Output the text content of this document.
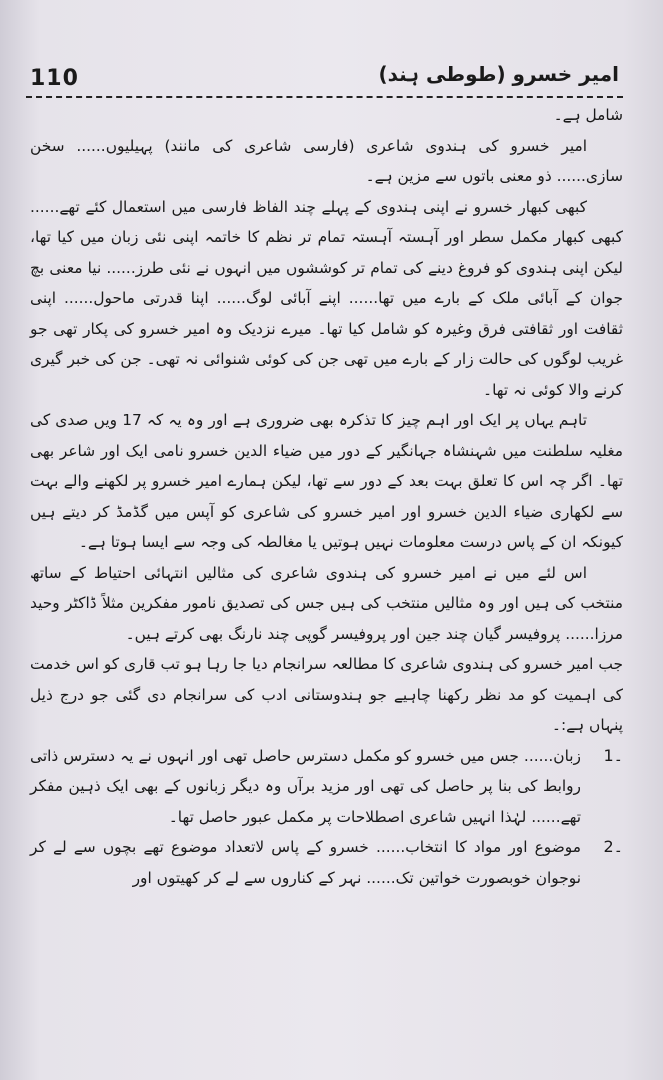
110	امیر خسرو (طوطی ہند)

شامل ہے۔

امیر خسرو کی ہندوی شاعری (فارسی شاعری کی مانند) پہیلیوں...... سخن سازی...... ذو معنی باتوں سے مزین ہے۔

کبھی کبھار خسرو نے اپنی ہندوی کے پہلے چند الفاظ فارسی میں استعمال کئے تھے...... کبھی کبھار مکمل سطر اور آہستہ آہستہ تمام تر نظم کا خاتمہ اپنی نئی زبان میں کیا تھا، لیکن اپنی ہندوی کو فروغ دینے کی تمام تر کوششوں میں انہوں نے نئی طرز...... نیا معنی بچ جوان کے آبائی ملک کے بارے میں تھا...... اپنے آبائی لوگ...... اپنا قدرتی ماحول...... اپنی ثقافت اور ثقافتی فرق وغیرہ کو شامل کیا تھا۔ میرے نزدیک وہ امیر خسرو کی پکار تھی جو غریب لوگوں کی حالت زار کے بارے میں تھی جن کی کوئی شنوائی نہ تھی۔ جن کی خبر گیری کرنے والا کوئی نہ تھا۔

تاہم یہاں پر ایک اور اہم چیز کا تذکرہ بھی ضروری ہے اور وہ یہ کہ 17 ویں صدی کی مغلیہ سلطنت میں شہنشاہ جہانگیر کے دور میں ضیاء الدین خسرو نامی ایک اور شاعر بھی تھا۔ اگر چہ اس کا تعلق بہت بعد کے دور سے تھا، لیکن ہمارے امیر خسرو پر لکھنے والے بہت سے لکھاری ضیاء الدین خسرو اور امیر خسرو کی شاعری کو آپس میں گڈمڈ کر دیتے ہیں کیونکہ ان کے پاس درست معلومات نہیں ہوتیں یا مغالطہ کی وجہ سے ایسا ہوتا ہے۔

اس لئے میں نے امیر خسرو کی ہندوی شاعری کی مثالیں انتہائی احتیاط کے ساتھ منتخب کی ہیں اور وہ مثالیں منتخب کی ہیں جس کی تصدیق نامور مفکرین مثلاً ڈاکٹر وحید مرزا...... پروفیسر گیان چند جین اور پروفیسر گوپی چند نارنگ بھی کرتے ہیں۔

جب امیر خسرو کی ہندوی شاعری کا مطالعہ سرانجام دیا جا رہا ہو تب قاری کو اس خدمت کی اہمیت کو مد نظر رکھنا چاہیے جو ہندوستانی ادب کی سرانجام دی گئی جو درج ذیل پنہاں ہے:۔

1۔
زبان...... جس میں خسرو کو مکمل دسترس حاصل تھی اور انہوں نے یہ دسترس ذاتی روابط کی بنا پر حاصل کی تھی اور مزید برآں وہ دیگر زبانوں کے بھی ایک ذہین مفکر تھے...... لہٰذا انہیں شاعری اصطلاحات پر مکمل عبور حاصل تھا۔
2۔
موضوع اور مواد کا انتخاب...... خسرو کے پاس لاتعداد موضوع تھے بچوں سے لے کر نوجوان خوبصورت خواتین تک...... نہر کے کناروں سے لے کر کھیتوں اور
